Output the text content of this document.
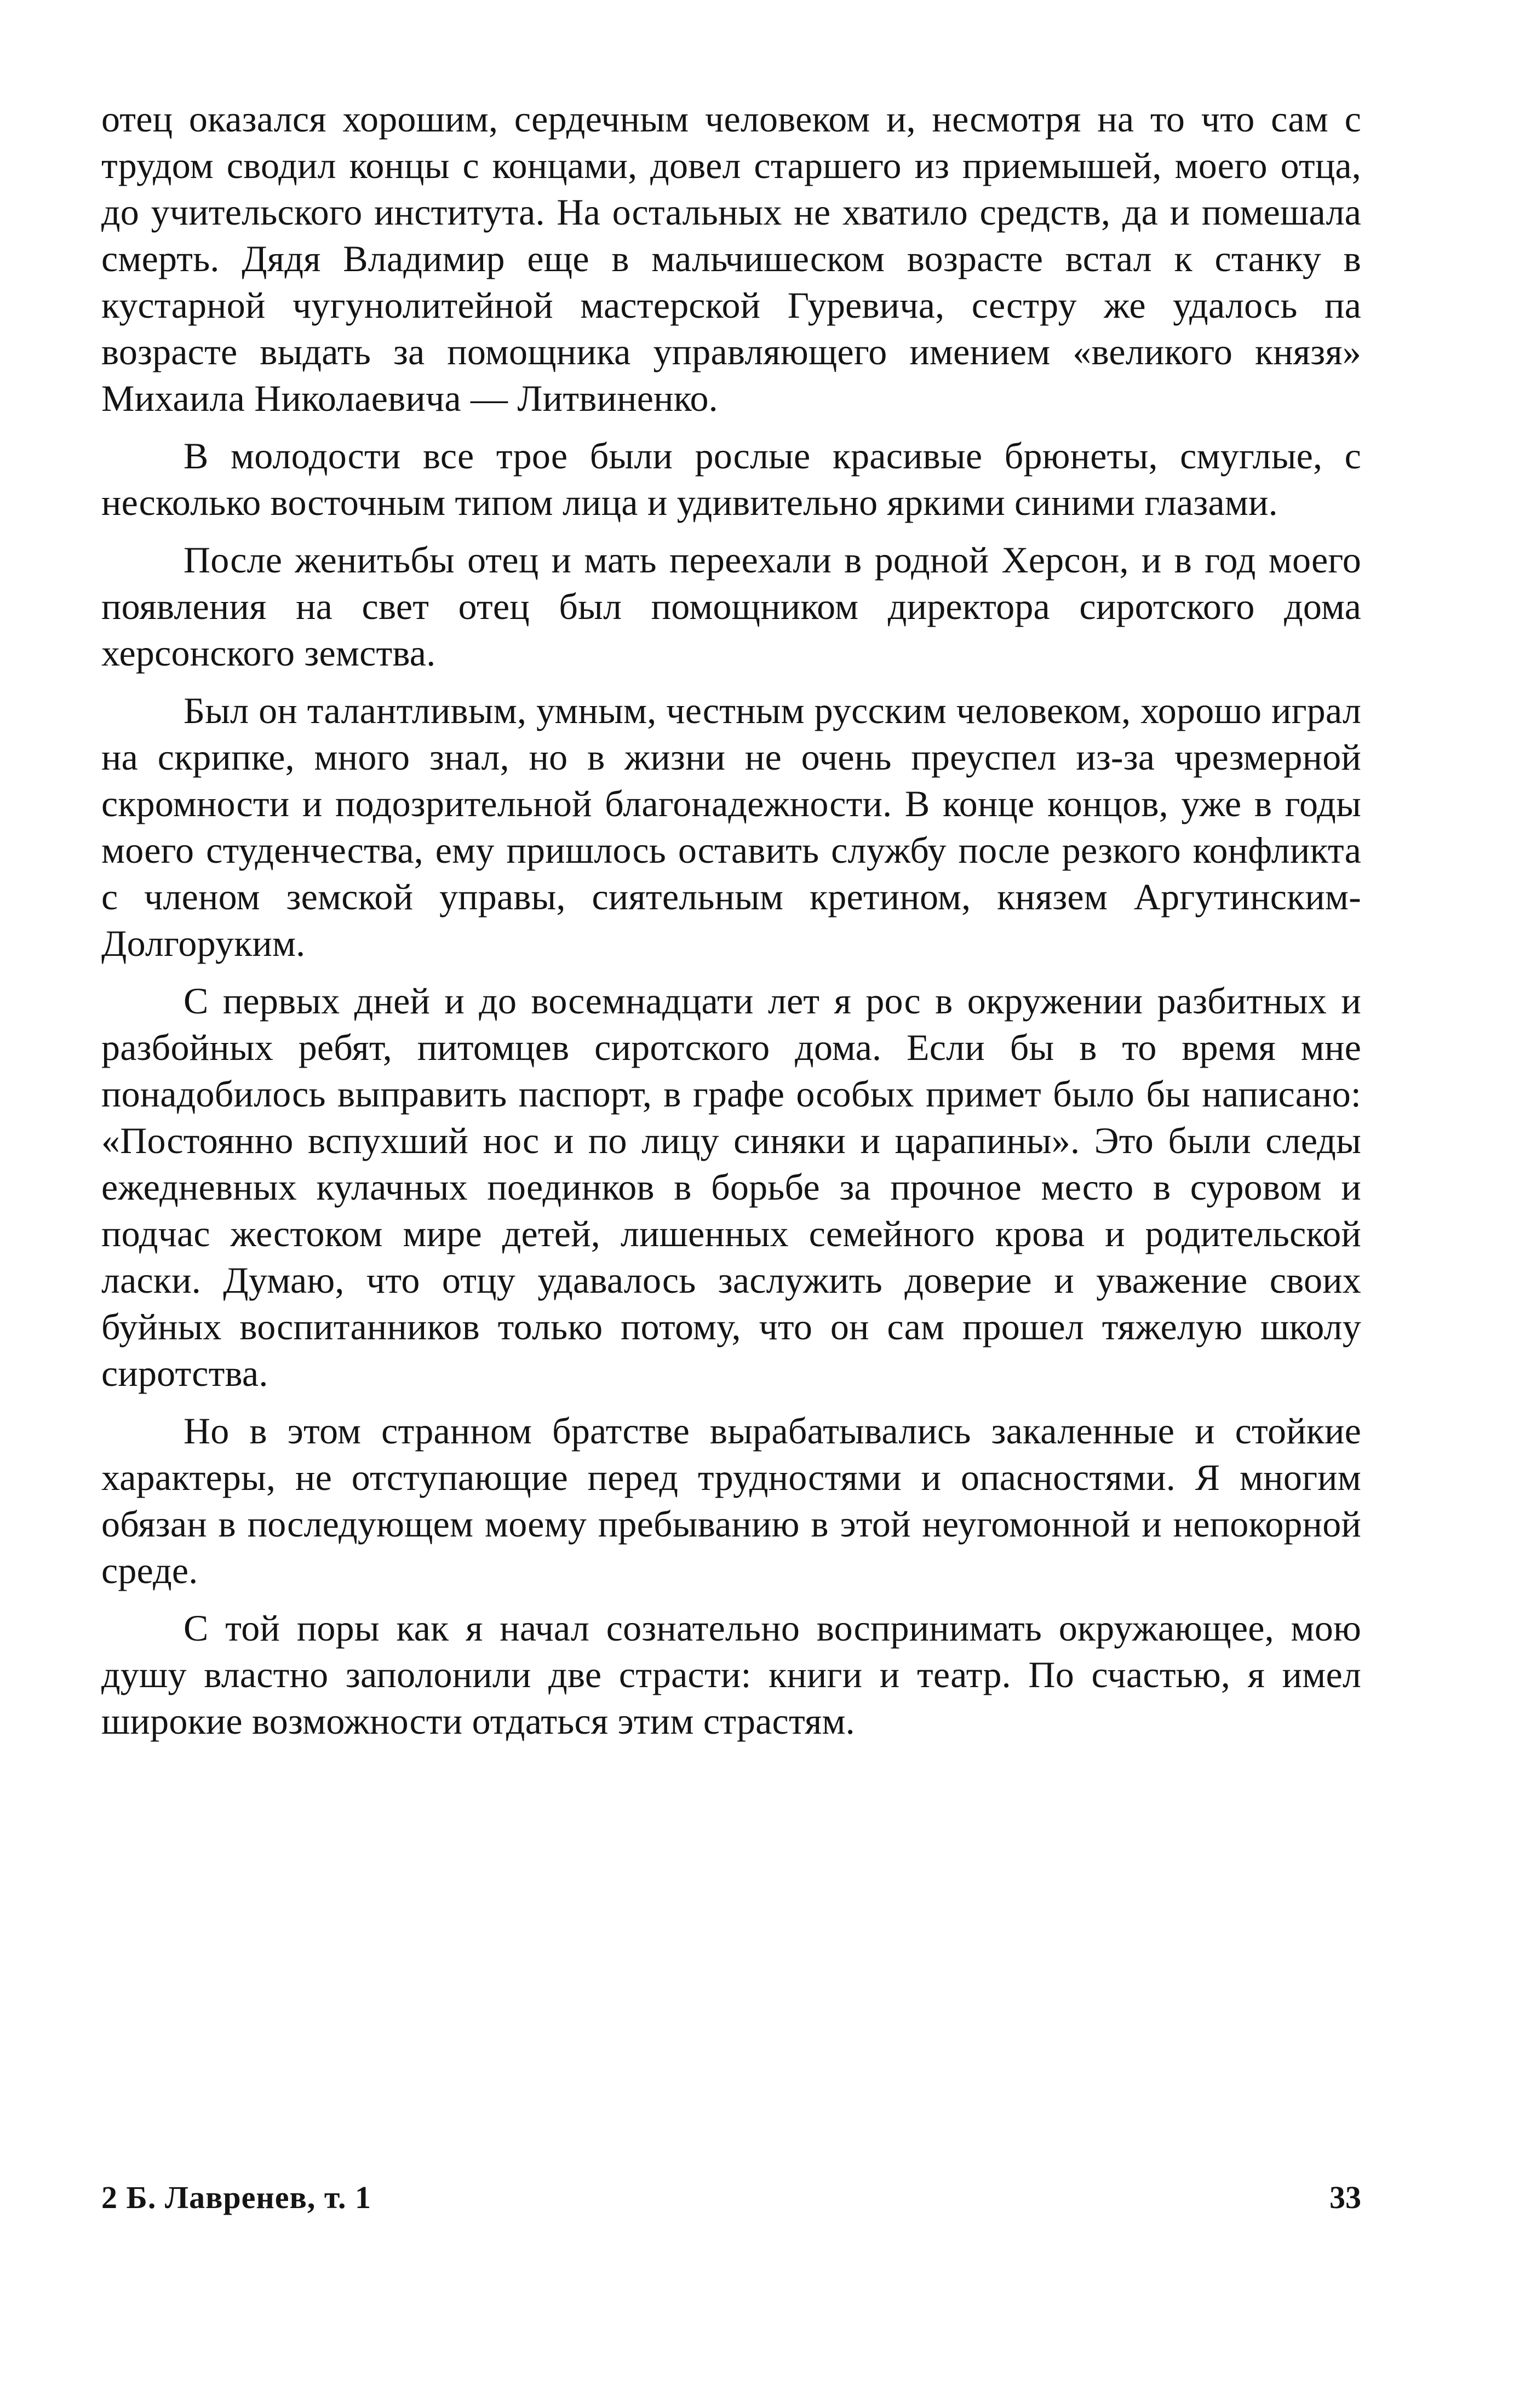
отец оказался хорошим, сердечным человеком и, несмотря на то что сам с трудом сводил концы с концами, довел старшего из приемышей, моего отца, до учительского института. На остальных не хватило средств, да и помешала смерть. Дядя Владимир еще в мальчишеском возрасте встал к станку в кустарной чугунолитейной мастерской Гуревича, сестру же удалось па возрасте выдать за помощника управляющего имением «великого князя» Михаила Николаевича — Литвиненко.

В молодости все трое были рослые красивые брюнеты, смуглые, с несколько восточным типом лица и удивительно яркими синими глазами.

После женитьбы отец и мать переехали в родной Херсон, и в год моего появления на свет отец был помощником директора сиротского дома херсонского земства.

Был он талантливым, умным, честным русским человеком, хорошо играл на скрипке, много знал, но в жизни не очень преуспел из-за чрезмерной скромности и подозрительной благонадежности. В конце концов, уже в годы моего студенчества, ему пришлось оставить службу после резкого конфликта с членом земской управы, сиятельным кретином, князем Аргутинским-Долгоруким.

С первых дней и до восемнадцати лет я рос в окружении разбитных и разбойных ребят, питомцев сиротского дома. Если бы в то время мне понадобилось выправить паспорт, в графе особых примет было бы написано: «Постоянно вспухший нос и по лицу синяки и царапины». Это были следы ежедневных кулачных поединков в борьбе за прочное место в суровом и подчас жестоком мире детей, лишенных семейного крова и родительской ласки. Думаю, что отцу удавалось заслужить доверие и уважение своих буйных воспитанников только потому, что он сам прошел тяжелую школу сиротства.

Но в этом странном братстве вырабатывались закаленные и стойкие характеры, не отступающие перед трудностями и опасностями. Я многим обязан в последующем моему пребыванию в этой неугомонной и непокорной среде.

С той поры как я начал сознательно воспринимать окружающее, мою душу властно заполонили две страсти: книги и театр. По счастью, я имел широкие возможности отдаться этим страстям.

2 Б. Лавренев, т. 1	33
